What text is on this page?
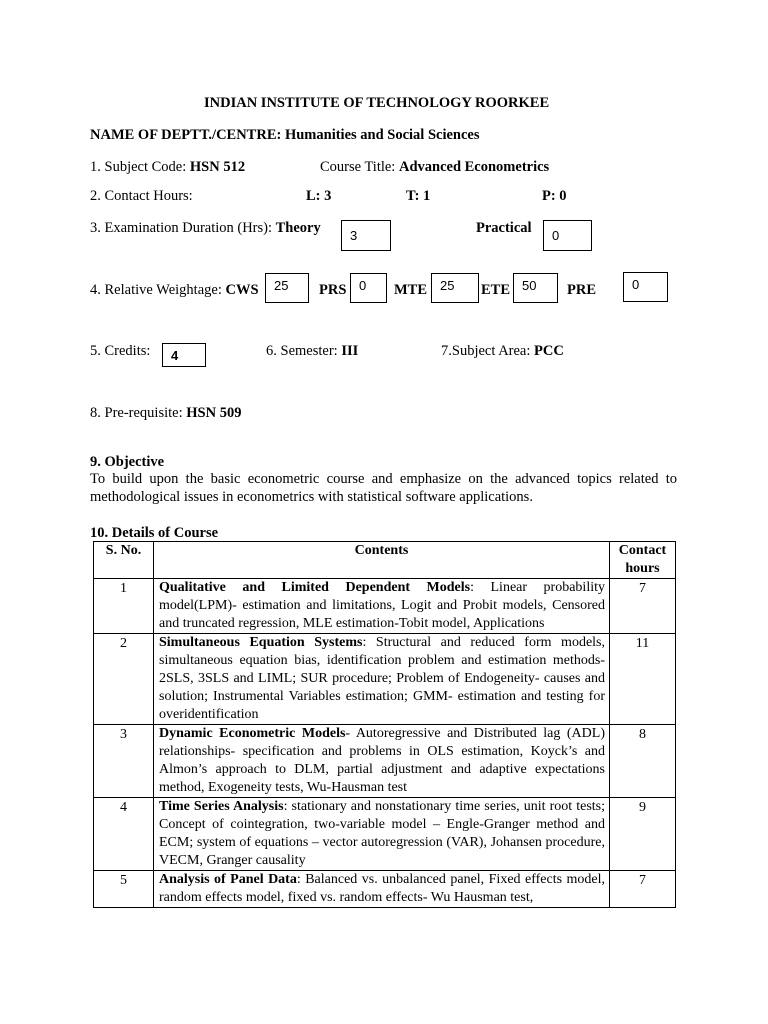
INDIAN INSTITUTE OF TECHNOLOGY ROORKEE
NAME OF DEPTT./CENTRE: Humanities and Social Sciences
1. Subject Code: HSN 512	Course Title: Advanced Econometrics
2. Contact Hours:	L: 3	T: 1	P: 0
3. Examination Duration (Hrs): Theory	3	Practical	0
4. Relative Weightage: CWS	25	PRS 0	MTE 25	ETE 50	PRE	0
5. Credits:	4	6. Semester: III	7.Subject Area: PCC
8. Pre-requisite: HSN 509
9. Objective
To build upon the basic econometric course and emphasize on the advanced topics related to methodological issues in econometrics with statistical software applications.
10. Details of Course
S. No.	Contents	Contact hours
1	Qualitative and Limited Dependent Models: Linear probability model(LPM)- estimation and limitations, Logit and Probit models, Censored and truncated regression, MLE estimation-Tobit model, Applications	7
2	Simultaneous Equation Systems: Structural and reduced form models, simultaneous equation bias, identification problem and estimation methods- 2SLS, 3SLS and LIML; SUR procedure; Problem of Endogeneity- causes and solution; Instrumental Variables estimation; GMM- estimation and testing for overidentification	11
3	Dynamic Econometric Models- Autoregressive and Distributed lag (ADL) relationships- specification and problems in OLS estimation, Koyck’s and Almon’s approach to DLM, partial adjustment and adaptive expectations method, Exogeneity tests, Wu-Hausman test	8
4	Time Series Analysis: stationary and nonstationary time series, unit root tests; Concept of cointegration, two-variable model – Engle-Granger method and ECM; system of equations – vector autoregression (VAR), Johansen procedure, VECM, Granger causality	9
5	Analysis of Panel Data: Balanced vs. unbalanced panel, Fixed effects model, random effects model, fixed vs. random effects- Wu Hausman test,	7
